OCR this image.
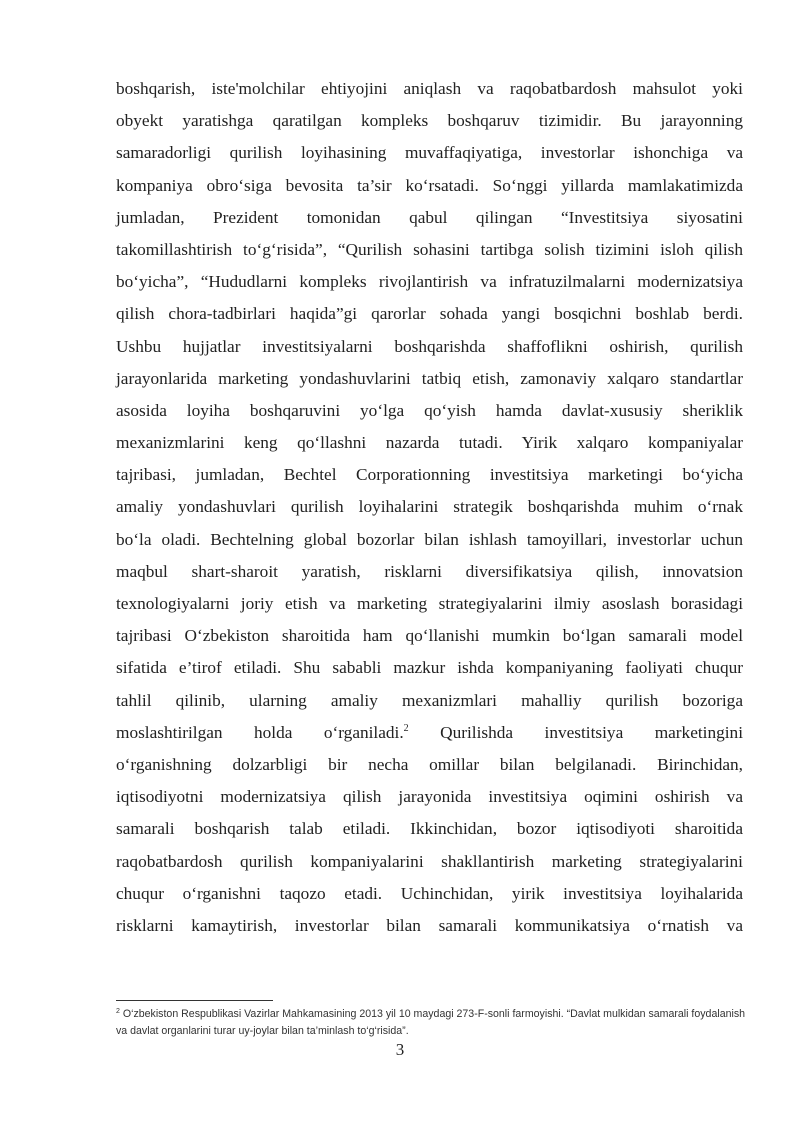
boshqarish, iste'molchilar ehtiyojini aniqlash va raqobatbardosh mahsulot yoki
obyekt yaratishga qaratilgan kompleks boshqaruv tizimidir. Bu jarayonning
samaradorligi qurilish loyihasining muvaffaqiyatiga, investorlar ishonchiga va
kompaniya obro‘siga bevosita ta’sir ko‘rsatadi. So‘nggi yillarda mamlakatimizda
jumladan, Prezident tomonidan qabul qilingan “Investitsiya siyosatini
takomillashtirish to‘g‘risida”, “Qurilish sohasini tartibga solish tizimini isloh qilish
bo‘yicha”, “Hududlarni kompleks rivojlantirish va infratuzilmalarni modernizatsiya
qilish chora-tadbirlari haqida”gi qarorlar sohada yangi bosqichni boshlab berdi.
Ushbu hujjatlar investitsiyalarni boshqarishda shaffoflikni oshirish, qurilish
jarayonlarida marketing yondashuvlarini tatbiq etish, zamonaviy xalqaro standartlar
asosida loyiha boshqaruvini yo‘lga qo‘yish hamda davlat-xususiy sheriklik
mexanizmlarini keng qo‘llashni nazarda tutadi. Yirik xalqaro kompaniyalar
tajribasi, jumladan, Bechtel Corporationning investitsiya marketingi bo‘yicha
amaliy yondashuvlari qurilish loyihalarini strategik boshqarishda muhim o‘rnak
bo‘la oladi. Bechtelning global bozorlar bilan ishlash tamoyillari, investorlar uchun
maqbul shart-sharoit yaratish, risklarni diversifikatsiya qilish, innovatsion
texnologiyalarni joriy etish va marketing strategiyalarini ilmiy asoslash borasidagi
tajribasi O‘zbekiston sharoitida ham qo‘llanishi mumkin bo‘lgan samarali model
sifatida e’tirof etiladi. Shu sababli mazkur ishda kompaniyaning faoliyati chuqur
tahlil qilinib, ularning amaliy mexanizmlari mahalliy qurilish bozoriga
moslashtirilgan holda o‘rganiladi.$^2$ Qurilishda investitsiya marketingini
o‘rganishning dolzarbligi bir necha omillar bilan belgilanadi. Birinchidan,
iqtisodiyotni modernizatsiya qilish jarayonida investitsiya oqimini oshirish va
samarali boshqarish talab etiladi. Ikkinchidan, bozor iqtisodiyoti sharoitida
raqobatbardosh qurilish kompaniyalarini shakllantirish marketing strategiyalarini
chuqur o‘rganishni taqozo etadi. Uchinchidan, yirik investitsiya loyihalarida
risklarni kamaytirish, investorlar bilan samarali kommunikatsiya o‘rnatish va
$^2$ O‘zbekiston Respublikasi Vazirlar Mahkamasining 2013 yil 10 maydagi 273-F-sonli farmoyishi. “Davlat mulkidan samarali foydalanish va davlat organlarini turar uy-joylar bilan ta’minlash to‘g‘risida”.
3
